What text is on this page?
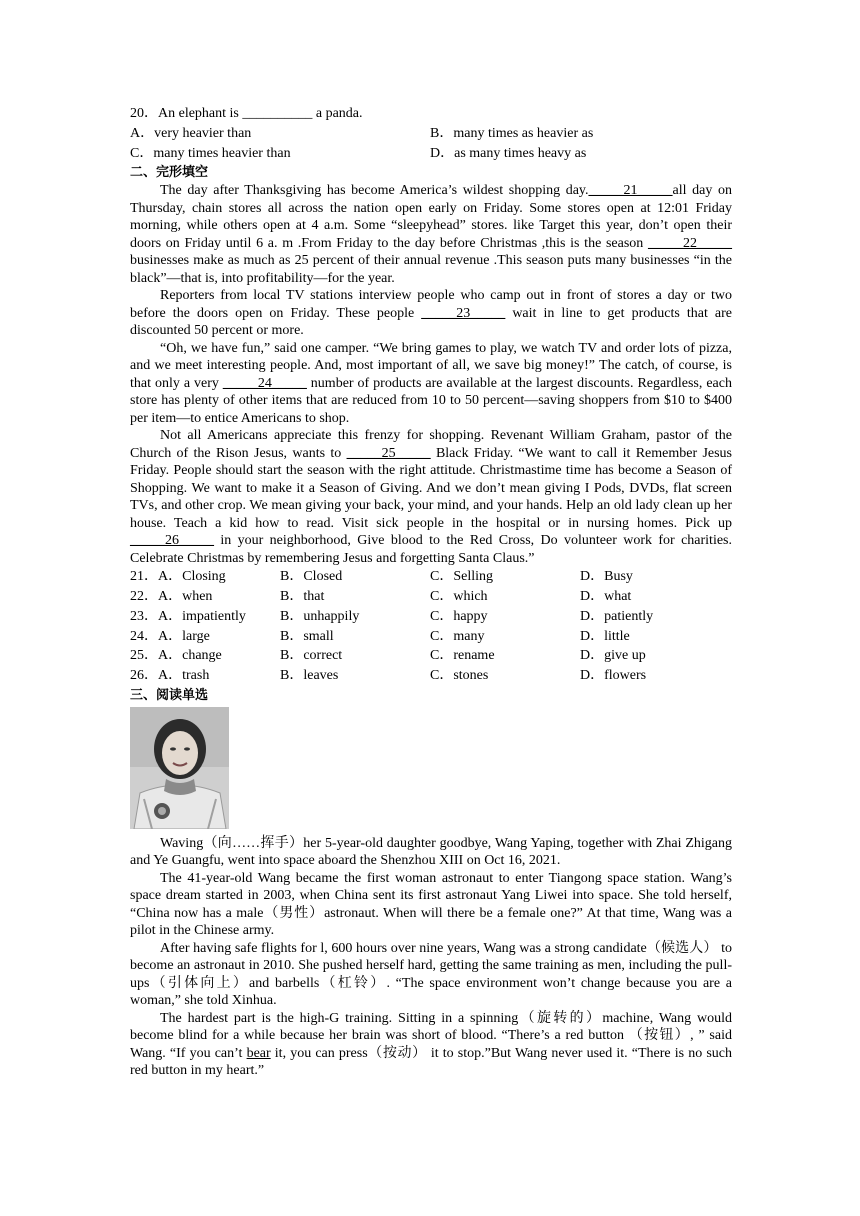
20．An elephant is __________ a panda.
A．very heavier than	B．many times as heavier as
C．many times heavier than	D．as many times heavy as
二、完形填空

The day after Thanksgiving has become America’s wildest shopping day._____21_____all day on Thursday, chain stores all across the nation open early on Friday. Some stores open at 12:01 Friday morning, while others open at 4 a.m. Some “sleepyhead” stores. like Target this year, don’t open their doors on Friday until 6 a. m .From Friday to the day before Christmas ,this is the season _____22_____ businesses make as much as 25 percent of their annual revenue .This season puts many businesses “in the black”—that is, into profitability—for the year.

Reporters from local TV stations interview people who camp out in front of stores a day or two before the doors open on Friday. These people _____23_____ wait in line to get products that are discounted 50 percent or more.

“Oh, we have fun,” said one camper. “We bring games to play, we watch TV and order lots of pizza, and we meet interesting people. And, most important of all, we save big money!” The catch, of course, is that only a very _____24_____ number of products are available at the largest discounts. Regardless, each store has plenty of other items that are reduced from 10 to 50 percent—saving shoppers from $10 to $400 per item—to entice Americans to shop.

Not all Americans appreciate this frenzy for shopping. Revenant William Graham, pastor of the Church of the Rison Jesus, wants to _____25_____ Black Friday. “We want to call it Remember Jesus Friday. People should start the season with the right attitude. Christmastime time has become a Season of Shopping. We want to make it a Season of Giving. And we don’t mean giving I Pods, DVDs, flat screen TVs, and other crop. We mean giving your back, your mind, and your hands. Help an old lady clean up her house. Teach a kid how to read. Visit sick people in the hospital or in nursing homes. Pick up _____26_____ in your neighborhood, Give blood to the Red Cross, Do volunteer work for charities. Celebrate Christmas by remembering Jesus and forgetting Santa Claus.”

21．A．Closing	B．Closed	C．Selling	D．Busy
22．A．when	B．that	C．which	D．what
23．A．impatiently	B．unhappily	C．happy	D．patiently
24．A．large	B．small	C．many	D．little
25．A．change	B．correct	C．rename	D．give up
26．A．trash	B．leaves	C．stones	D．flowers
三、阅读单选

Waving（向……挥手）her 5-year-old daughter goodbye, Wang Yaping, together with Zhai Zhigang and Ye Guangfu, went into space aboard the Shenzhou XIII on Oct 16, 2021.

The 41-year-old Wang became the first woman astronaut to enter Tiangong space station. Wang’s space dream started in 2003, when China sent its first astronaut Yang Liwei into space. She told herself, “China now has a male（男性）astronaut. When will there be a female one?” At that time, Wang was a pilot in the Chinese army.

After having safe flights for l, 600 hours over nine years, Wang was a strong candidate（候选人） to become an astronaut in 2010. She pushed herself hard, getting the same training as men, including the pull-ups（引体向上）and barbells（杠铃）. “The space environment won’t change because you are a woman,” she told Xinhua.

The hardest part is the high-G training. Sitting in a spinning（旋转的）machine, Wang would become blind for a while because her brain was short of blood. “There’s a red button （按钮）, ” said Wang. “If you can’t bear it, you can press（按动） it to stop.”But Wang never used it. “There is no such red button in my heart.”
